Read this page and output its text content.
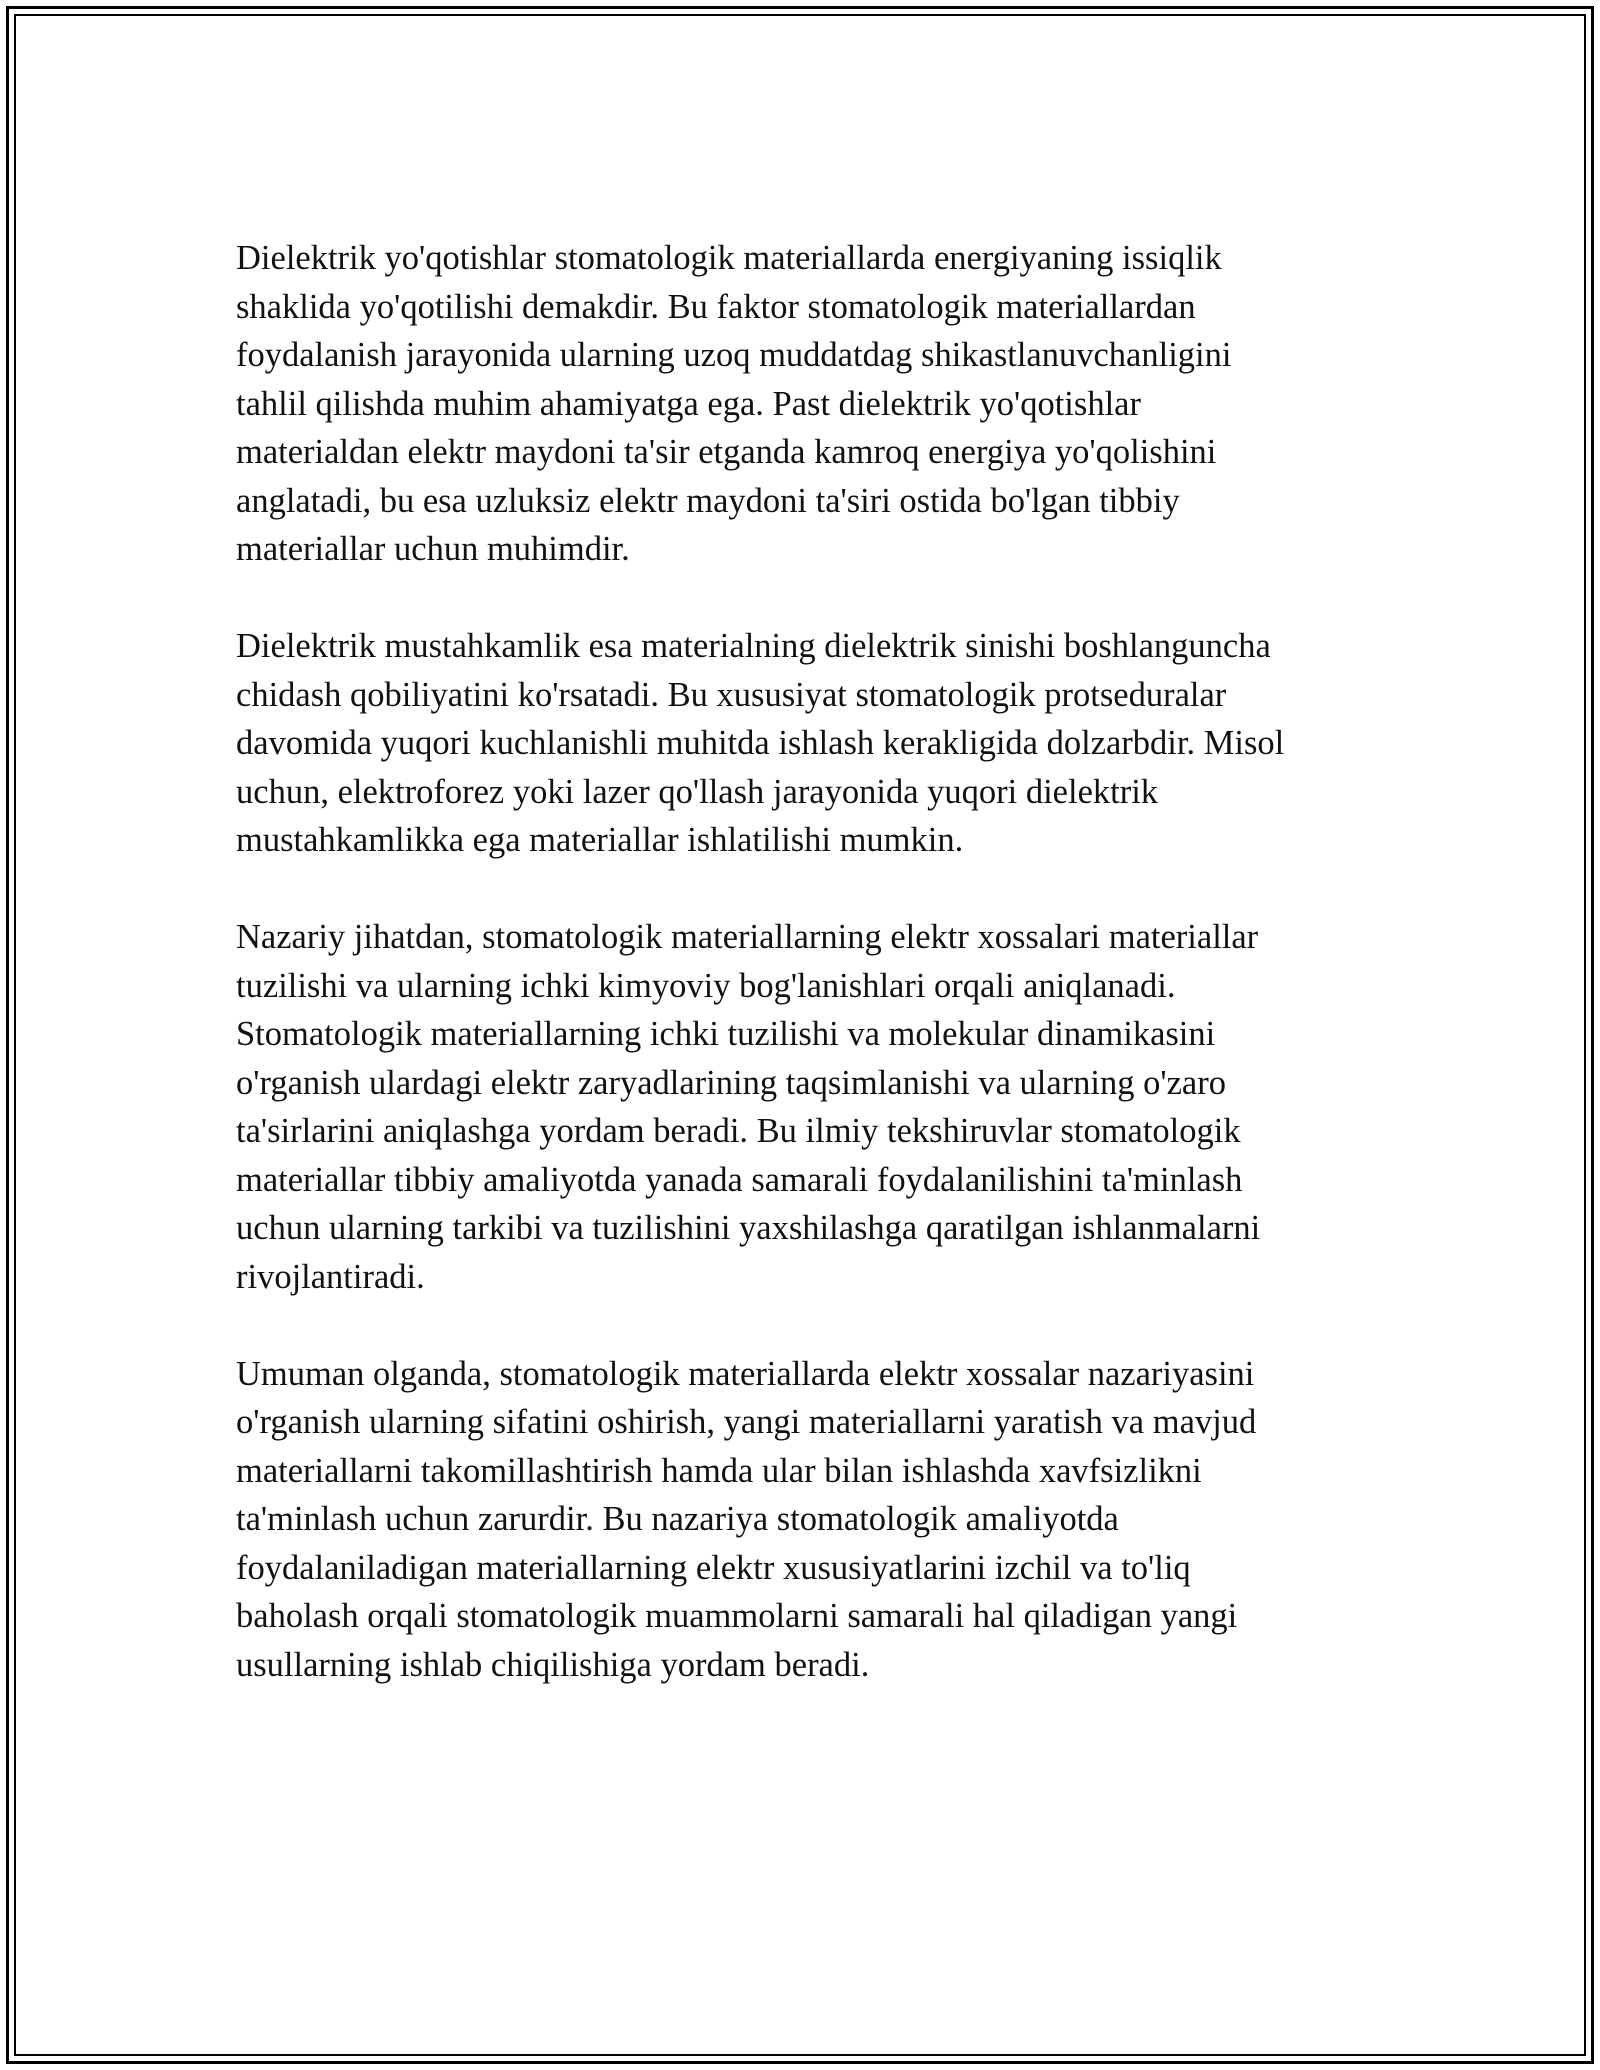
Dielektrik yo'qotishlar stomatologik materiallarda energiyaning issiqlik
shaklida yo'qotilishi demakdir. Bu faktor stomatologik materiallardan
foydalanish jarayonida ularning uzoq muddatdag shikastlanuvchanligini
tahlil qilishda muhim ahamiyatga ega. Past dielektrik yo'qotishlar
materialdan elektr maydoni ta'sir etganda kamroq energiya yo'qolishini
anglatadi, bu esa uzluksiz elektr maydoni ta'siri ostida bo'lgan tibbiy
materiallar uchun muhimdir.

Dielektrik mustahkamlik esa materialning dielektrik sinishi boshlanguncha
chidash qobiliyatini ko'rsatadi. Bu xususiyat stomatologik protseduralar
davomida yuqori kuchlanishli muhitda ishlash kerakligida dolzarbdir. Misol
uchun, elektroforez yoki lazer qo'llash jarayonida yuqori dielektrik
mustahkamlikka ega materiallar ishlatilishi mumkin.

Nazariy jihatdan, stomatologik materiallarning elektr xossalari materiallar
tuzilishi va ularning ichki kimyoviy bog'lanishlari orqali aniqlanadi.
Stomatologik materiallarning ichki tuzilishi va molekular dinamikasini
o'rganish ulardagi elektr zaryadlarining taqsimlanishi va ularning o'zaro
ta'sirlarini aniqlashga yordam beradi. Bu ilmiy tekshiruvlar stomatologik
materiallar tibbiy amaliyotda yanada samarali foydalanilishini ta'minlash
uchun ularning tarkibi va tuzilishini yaxshilashga qaratilgan ishlanmalarni
rivojlantiradi.

Umuman olganda, stomatologik materiallarda elektr xossalar nazariyasini
o'rganish ularning sifatini oshirish, yangi materiallarni yaratish va mavjud
materiallarni takomillashtirish hamda ular bilan ishlashda xavfsizlikni
ta'minlash uchun zarurdir. Bu nazariya stomatologik amaliyotda
foydalaniladigan materiallarning elektr xususiyatlarini izchil va to'liq
baholash orqali stomatologik muammolarni samarali hal qiladigan yangi
usullarning ishlab chiqilishiga yordam beradi.
